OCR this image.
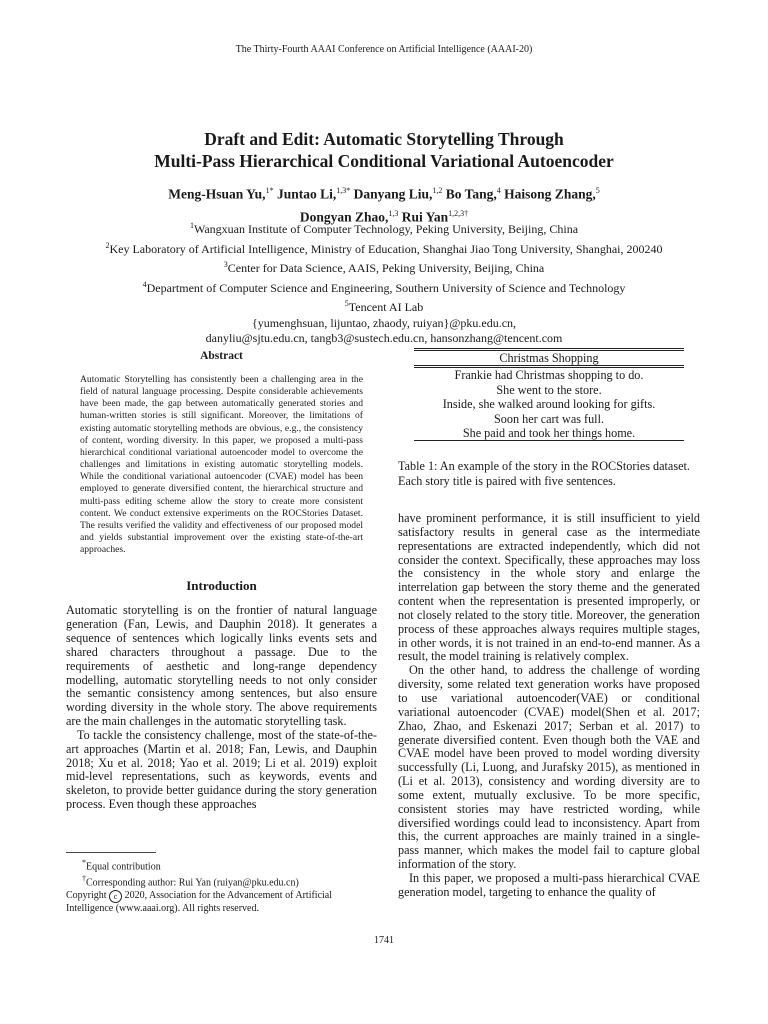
The Thirty-Fourth AAAI Conference on Artificial Intelligence (AAAI-20)
Draft and Edit: Automatic Storytelling Through
Multi-Pass Hierarchical Conditional Variational Autoencoder
Meng-Hsuan Yu,$^{1*}$ Juntao Li,$^{1,3*}$ Danyang Liu,$^{1,2}$ Bo Tang,$^4$ Haisong Zhang,$^5$
Dongyan Zhao,$^{1,3}$ Rui Yan$^{1,2,3\dagger}$
$^1$Wangxuan Institute of Computer Technology, Peking University, Beijing, China
$^2$Key Laboratory of Artificial Intelligence, Ministry of Education, Shanghai Jiao Tong University, Shanghai, 200240
$^3$Center for Data Science, AAIS, Peking University, Beijing, China
$^4$Department of Computer Science and Engineering, Southern University of Science and Technology
$^5$Tencent AI Lab
{yumenghsuan, lijuntao, zhaody, ruiyan}@pku.edu.cn,
danyliu@sjtu.edu.cn, tangb3@sustech.edu.cn, hansonzhang@tencent.com
Abstract

Automatic Storytelling has consistently been a challenging area in the field of natural language processing. Despite considerable achievements have been made, the gap between automatically generated stories and human-written stories is still significant. Moreover, the limitations of existing automatic storytelling methods are obvious, e.g., the consistency of content, wording diversity. In this paper, we proposed a multi-pass hierarchical conditional variational autoencoder model to overcome the challenges and limitations in existing automatic storytelling models. While the conditional variational autoencoder (CVAE) model has been employed to generate diversified content, the hierarchical structure and multi-pass editing scheme allow the story to create more consistent content. We conduct extensive experiments on the ROCStories Dataset. The results verified the validity and effectiveness of our proposed model and yields substantial improvement over the existing state-of-the-art approaches.

Introduction

Automatic storytelling is on the frontier of natural language generation (Fan, Lewis, and Dauphin 2018). It generates a sequence of sentences which logically links events sets and shared characters throughout a passage. Due to the requirements of aesthetic and long-range dependency modelling, automatic storytelling needs to not only consider the semantic consistency among sentences, but also ensure wording diversity in the whole story. The above requirements are the main challenges in the automatic storytelling task.

To tackle the consistency challenge, most of the state-of-the-art approaches (Martin et al. 2018; Fan, Lewis, and Dauphin 2018; Xu et al. 2018; Yao et al. 2019; Li et al. 2019) exploit mid-level representations, such as keywords, events and skeleton, to provide better guidance during the story generation process. Even though these approaches

*Equal contribution
†Corresponding author: Rui Yan (ruiyan@pku.edu.cn)
Copyright c 2020, Association for the Advancement of Artificial Intelligence (www.aaai.org). All rights reserved.
Christmas Shopping
Frankie had Christmas shopping to do.
She went to the store.
Inside, she walked around looking for gifts.
Soon her cart was full.
She paid and took her things home.
Table 1: An example of the story in the ROCStories dataset. Each story title is paired with five sentences.

have prominent performance, it is still insufficient to yield satisfactory results in general case as the intermediate representations are extracted independently, which did not consider the context. Specifically, these approaches may loss the consistency in the whole story and enlarge the interrelation gap between the story theme and the generated content when the representation is presented improperly, or not closely related to the story title. Moreover, the generation process of these approaches always requires multiple stages, in other words, it is not trained in an end-to-end manner. As a result, the model training is relatively complex.

On the other hand, to address the challenge of wording diversity, some related text generation works have proposed to use variational autoencoder(VAE) or conditional variational autoencoder (CVAE) model(Shen et al. 2017; Zhao, Zhao, and Eskenazi 2017; Serban et al. 2017) to generate diversified content. Even though both the VAE and CVAE model have been proved to model wording diversity successfully (Li, Luong, and Jurafsky 2015), as mentioned in (Li et al. 2013), consistency and wording diversity are to some extent, mutually exclusive. To be more specific, consistent stories may have restricted wording, while diversified wordings could lead to inconsistency. Apart from this, the current approaches are mainly trained in a single-pass manner, which makes the model fail to capture global information of the story.

In this paper, we proposed a multi-pass hierarchical CVAE generation model, targeting to enhance the quality of

1741
